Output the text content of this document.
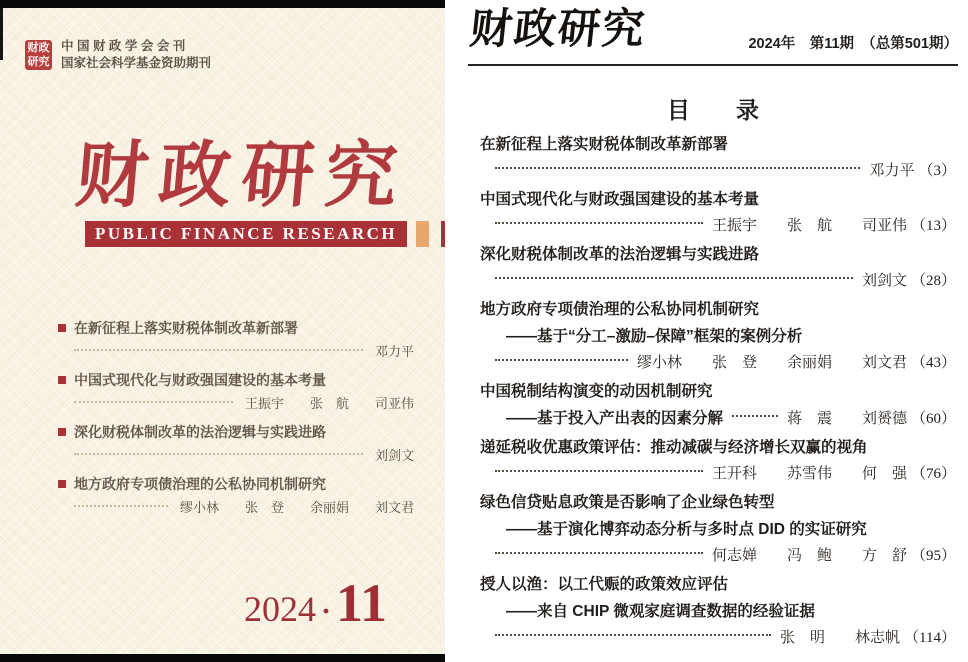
财政研究
中 国 财 政 学 会 会 刊
国家社会科学基金资助期刊
财政研究
PUBLIC FINANCE RESEARCH
在新征程上落实财税体制改革新部署
邓力平
中国式现代化与财政强国建设的基本考量
王振宇　　张　航　　司亚伟
深化财税体制改革的法治逻辑与实践进路
刘剑文
地方政府专项债治理的公私协同机制研究
缪小林　　张　登　　余丽娟　　刘文君
2024 · 11
财政研究	2024年　第11期　（总第501期）
目　　录
在新征程上落实财税体制改革新部署
邓力平 （3）
中国式现代化与财政强国建设的基本考量
王振宇　　张　航　　司亚伟 （13）
深化财税体制改革的法治逻辑与实践进路
刘剑文 （28）
地方政府专项债治理的公私协同机制研究
——基于“分工–激励–保障”框架的案例分析
缪小林　　张　登　　余丽娟　　刘文君 （43）
中国税制结构演变的动因机制研究
——基于投入产出表的因素分解	蒋　震　　刘赟德 （60）
递延税收优惠政策评估：推动减碳与经济增长双赢的视角
王开科　　苏雪伟　　何　强 （76）
绿色信贷贴息政策是否影响了企业绿色转型
——基于演化博弈动态分析与多时点 DID 的实证研究
何志婵　　冯　鲍　　方　舒 （95）
授人以渔：以工代赈的政策效应评估
——来自 CHIP 微观家庭调查数据的经验证据
张　明　　林志帆 （114）
